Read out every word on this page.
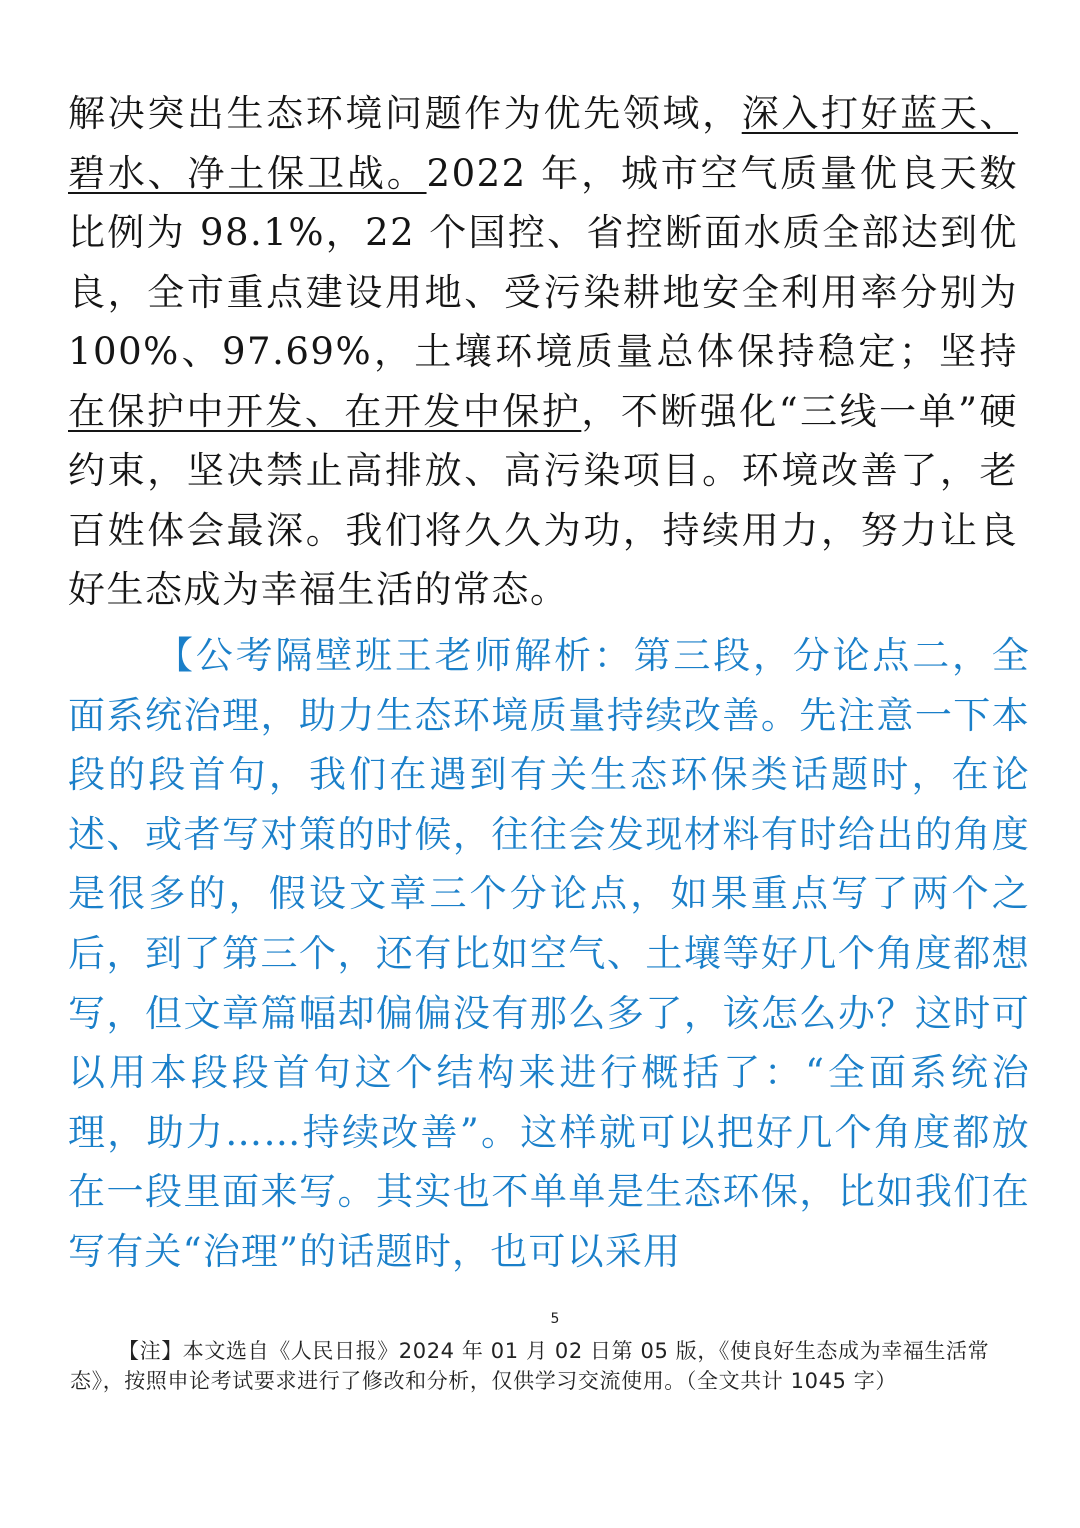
解决突出生态环境问题作为优先领域，深入打好蓝天、碧水、净土保卫战。2022 年，城市空气质量优良天数比例为 98.1%，22 个国控、省控断面水质全部达到优良，全市重点建设用地、受污染耕地安全利用率分别为 100%、97.69%，土壤环境质量总体保持稳定；坚持在保护中开发、在开发中保护，不断强化“三线一单”硬约束，坚决禁止高排放、高污染项目。环境改善了，老百姓体会最深。我们将久久为功，持续用力，努力让良好生态成为幸福生活的常态。

【公考隔壁班王老师解析：第三段，分论点二，全面系统治理，助力生态环境质量持续改善。先注意一下本段的段首句，我们在遇到有关生态环保类话题时，在论述、或者写对策的时候，往往会发现材料有时给出的角度是很多的，假设文章三个分论点，如果重点写了两个之后，到了第三个，还有比如空气、土壤等好几个角度都想写，但文章篇幅却偏偏没有那么多了，该怎么办？这时可以用本段段首句这个结构来进行概括了：“全面系统治理，助力……持续改善”。这样就可以把好几个角度都放在一段里面来写。其实也不单单是生态环保，比如我们在写有关“治理”的话题时，也可以采用

5

【注】本文选自《人民日报》2024 年 01 月 02 日第 05 版，《使良好生态成为幸福生活常态》，按照申论考试要求进行了修改和分析，仅供学习交流使用。（全文共计 1045 字）
